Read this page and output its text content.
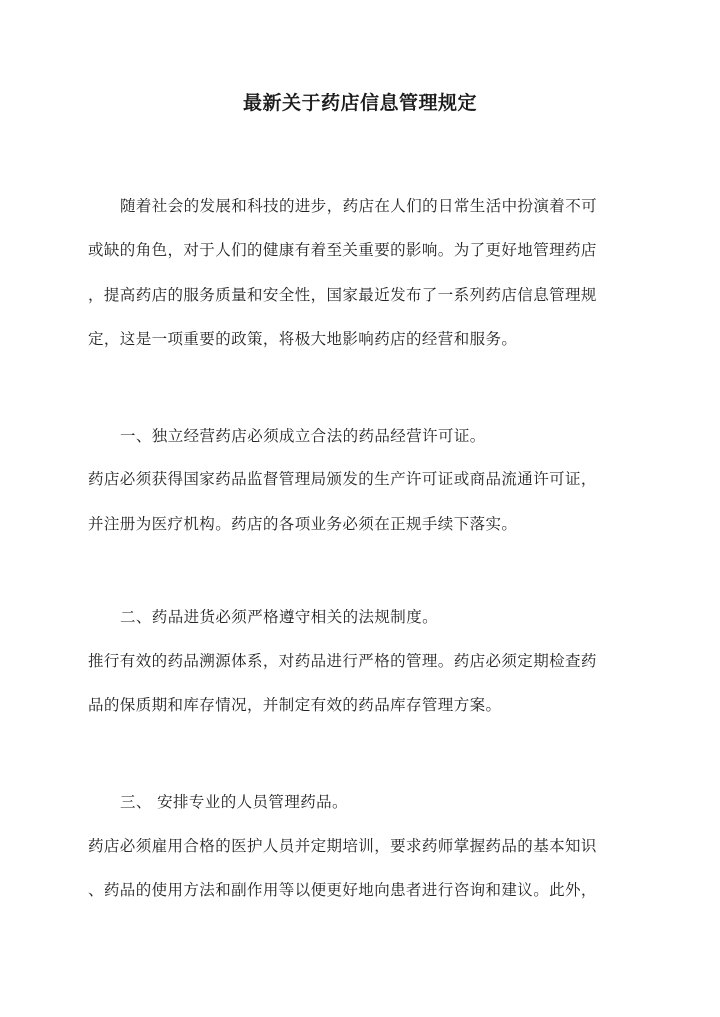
最新关于药店信息管理规定
随着社会的发展和科技的进步，药店在人们的日常生活中扮演着不可
或缺的角色，对于人们的健康有着至关重要的影响。为了更好地管理药店
，提高药店的服务质量和安全性，国家最近发布了一系列药店信息管理规
定，这是一项重要的政策，将极大地影响药店的经营和服务。
一、独立经营药店必须成立合法的药品经营许可证。
药店必须获得国家药品监督管理局颁发的生产许可证或商品流通许可证，
并注册为医疗机构。药店的各项业务必须在正规手续下落实。
二、药品进货必须严格遵守相关的法规制度。
推行有效的药品溯源体系，对药品进行严格的管理。药店必须定期检查药
品的保质期和库存情况，并制定有效的药品库存管理方案。
三、 安排专业的人员管理药品。
药店必须雇用合格的医护人员并定期培训，要求药师掌握药品的基本知识
、药品的使用方法和副作用等以便更好地向患者进行咨询和建议。此外，
